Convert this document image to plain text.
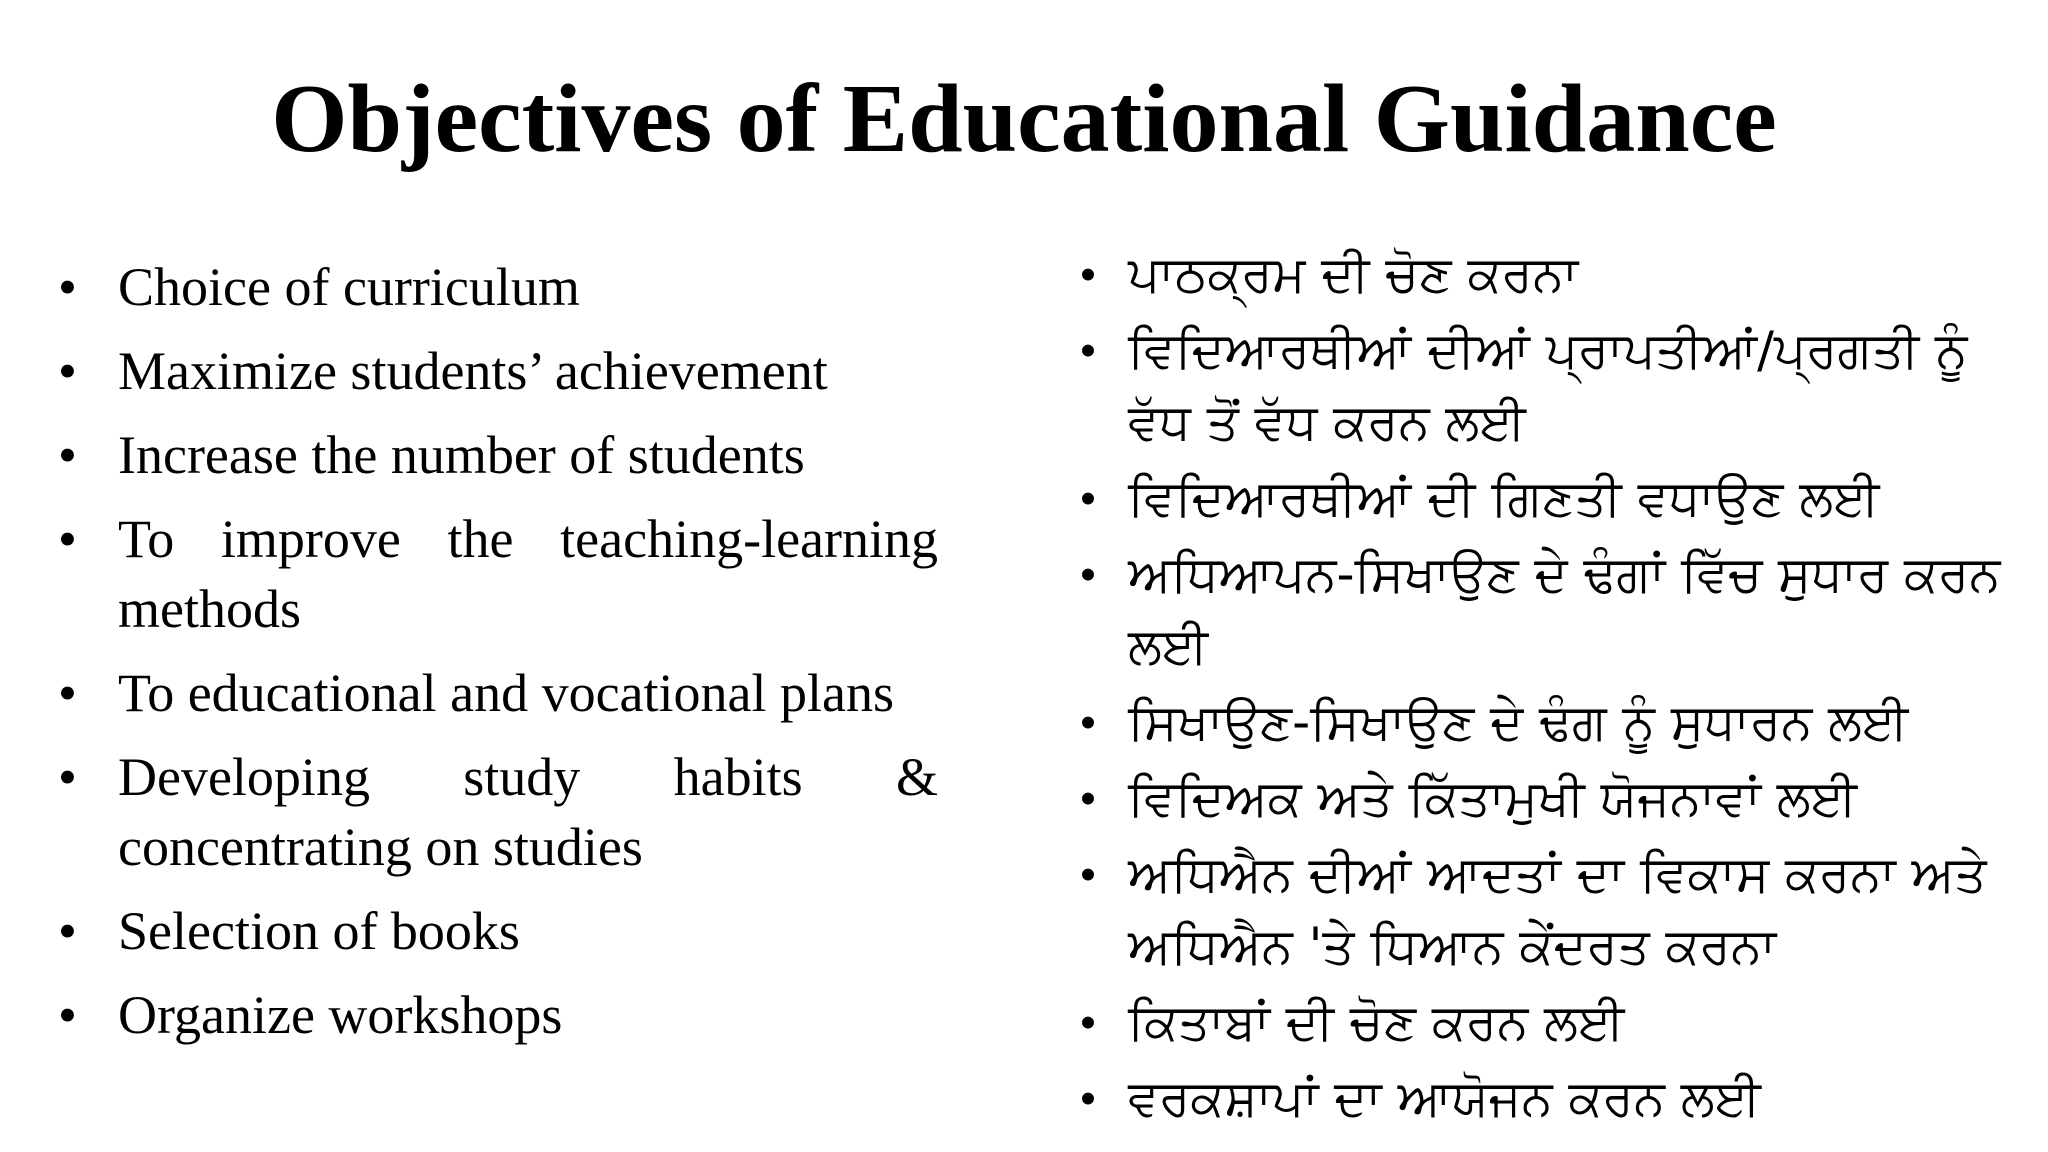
Objectives of Educational Guidance
• Choice of curriculum
• Maximize students’ achievement
• Increase the number of students
• To improve the teaching-learning methods
• To educational and vocational plans
• Developing study habits & concentrating on studies
• Selection of books
• Organize workshops
• ਪਾਠਕ੍ਰਮ ਦੀ ਚੋਣ ਕਰਨਾ
• ਵਿਦਿਆਰਥੀਆਂ ਦੀਆਂ ਪ੍ਰਾਪਤੀਆਂ/ਪ੍ਰਗਤੀ ਨੂੰ ਵੱਧ ਤੋਂ ਵੱਧ ਕਰਨ ਲਈ
• ਵਿਦਿਆਰਥੀਆਂ ਦੀ ਗਿਣਤੀ ਵਧਾਉਣ ਲਈ
• ਅਧਿਆਪਨ-ਸਿਖਾਉਣ ਦੇ ਢੰਗਾਂ ਵਿੱਚ ਸੁਧਾਰ ਕਰਨ ਲਈ
• ਸਿਖਾਉਣ-ਸਿਖਾਉਣ ਦੇ ਢੰਗ ਨੂੰ ਸੁਧਾਰਨ ਲਈ
• ਵਿਦਿਅਕ ਅਤੇ ਕਿੱਤਾਮੁਖੀ ਯੋਜਨਾਵਾਂ ਲਈ
• ਅਧਿਐਨ ਦੀਆਂ ਆਦਤਾਂ ਦਾ ਵਿਕਾਸ ਕਰਨਾ ਅਤੇ ਅਧਿਐਨ 'ਤੇ ਧਿਆਨ ਕੇਂਦਰਤ ਕਰਨਾ
• ਕਿਤਾਬਾਂ ਦੀ ਚੋਣ ਕਰਨ ਲਈ
• ਵਰਕਸ਼ਾਪਾਂ ਦਾ ਆਯੋਜਨ ਕਰਨ ਲਈ
